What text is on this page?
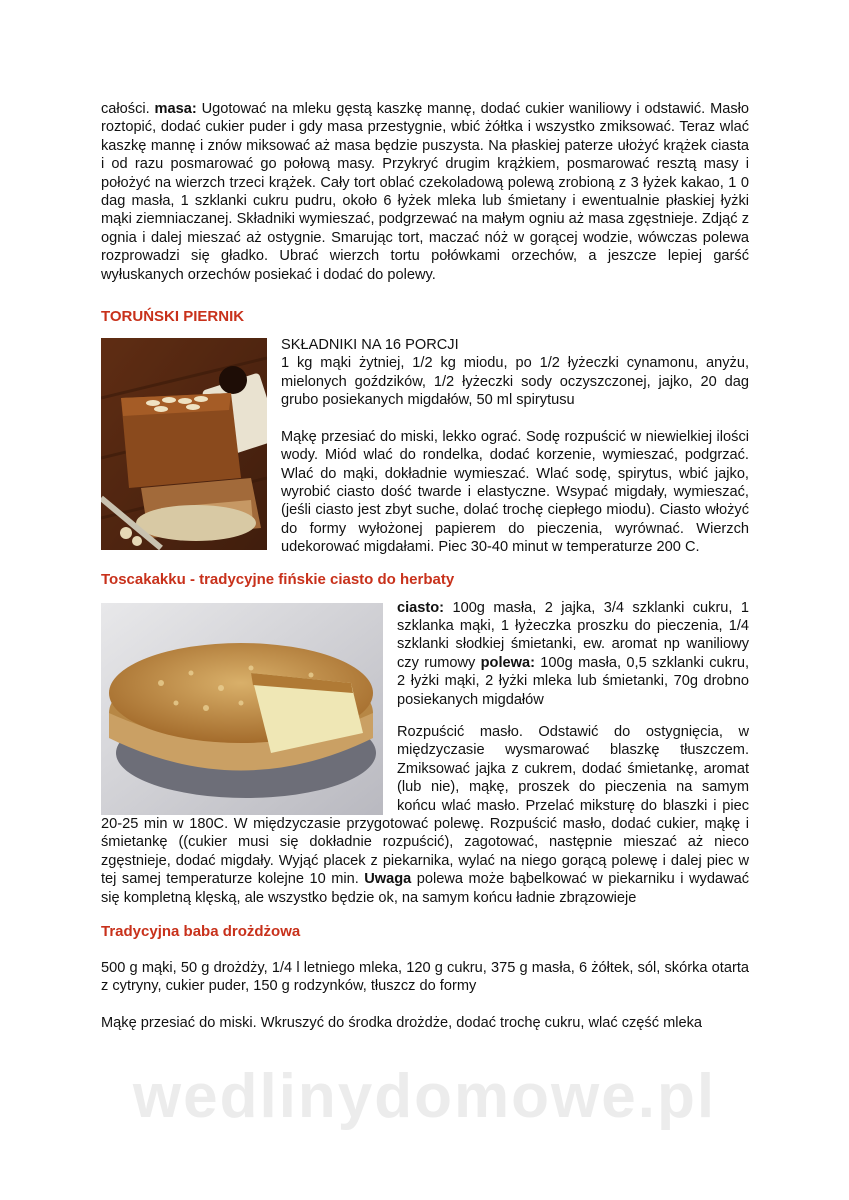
całości. masa: Ugotować na mleku gęstą kaszkę mannę, dodać cukier waniliowy i odstawić. Masło roztopić, dodać cukier puder i gdy masa przestygnie, wbić żółtka i wszystko zmiksować. Teraz wlać kaszkę mannę i znów miksować aż masa będzie puszysta. Na płaskiej paterze ułożyć krążek ciasta i od razu posmarować go połową masy. Przykryć drugim krążkiem, posmarować resztą masy i położyć na wierzch trzeci krążek. Cały tort oblać czekoladową polewą zrobioną z 3 łyżek kakao, 1 0 dag masła, 1 szklanki cukru pudru, około 6 łyżek mleka lub śmietany i ewentualnie płaskiej łyżki mąki ziemniaczanej. Składniki wymieszać, podgrzewać na małym ogniu aż masa zgęstnieje. Zdjąć z ognia i dalej mieszać aż ostygnie. Smarując tort, maczać nóż w gorącej wodzie, wówczas polewa rozprowadzi się gładko. Ubrać wierzch tortu połówkami orzechów, a jeszcze lepiej garść wyłuskanych orzechów posiekać i dodać do polewy.

TORUŃSKI PIERNIK

SKŁADNIKI NA 16 PORCJI

1 kg mąki żytniej, 1/2 kg miodu, po 1/2 łyżeczki cynamonu, anyżu, mielonych goździków, 1/2 łyżeczki sody oczyszczonej, jajko, 20 dag grubo posiekanych migdałów, 50 ml spirytusu

Mąkę przesiać do miski, lekko ograć. Sodę rozpuścić w niewielkiej ilości wody. Miód wlać do rondelka, dodać korzenie, wymieszać, podgrzać. Wlać do mąki, dokładnie wymieszać. Wlać sodę, spirytus, wbić jajko, wyrobić ciasto dość twarde i elastyczne. Wsypać migdały, wymieszać, (jeśli ciasto jest zbyt suche, dolać trochę ciepłego miodu). Ciasto włożyć do formy wyłożonej papierem do pieczenia, wyrównać. Wierzch udekorować migdałami. Piec 30-40 minut w temperaturze 200 C.

Toscakakku - tradycyjne fińskie ciasto do herbaty

ciasto: 100g masła, 2 jajka, 3/4 szklanki cukru, 1 szklanka mąki, 1 łyżeczka proszku do pieczenia, 1/4 szklanki słodkiej śmietanki, ew. aromat np waniliowy czy rumowy polewa: 100g masła, 0,5 szklanki cukru, 2 łyżki mąki, 2 łyżki mleka lub śmietanki, 70g drobno posiekanych migdałów

Rozpuścić masło. Odstawić do ostygnięcia, w międzyczasie wysmarować blaszkę tłuszczem. Zmiksować jajka z cukrem, dodać śmietankę, aromat (lub nie), mąkę, proszek do pieczenia na samym końcu wlać masło. Przelać miksturę do blaszki i piec 20-25 min w 180C. W międzyczasie przygotować polewę. Rozpuścić masło, dodać cukier, mąkę i śmietankę ((cukier musi się dokładnie rozpuścić), zagotować, następnie mieszać aż nieco zgęstnieje, dodać migdały. Wyjąć placek z piekarnika, wylać na niego gorącą polewę i dalej piec w tej samej temperaturze kolejne 10 min. Uwaga polewa może bąbelkować w piekarniku i wydawać się kompletną klęską, ale wszystko będzie ok, na samym końcu ładnie zbrązowieje

Tradycyjna baba drożdżowa

500 g mąki, 50 g drożdży, 1/4 l letniego mleka, 120 g cukru, 375 g masła, 6 żółtek, sól, skórka otarta z cytryny, cukier puder, 150 g rodzynków, tłuszcz do formy

Mąkę przesiać do miski. Wkruszyć do środka drożdże, dodać trochę cukru, wlać część mleka

wedlinydomowe.pl
